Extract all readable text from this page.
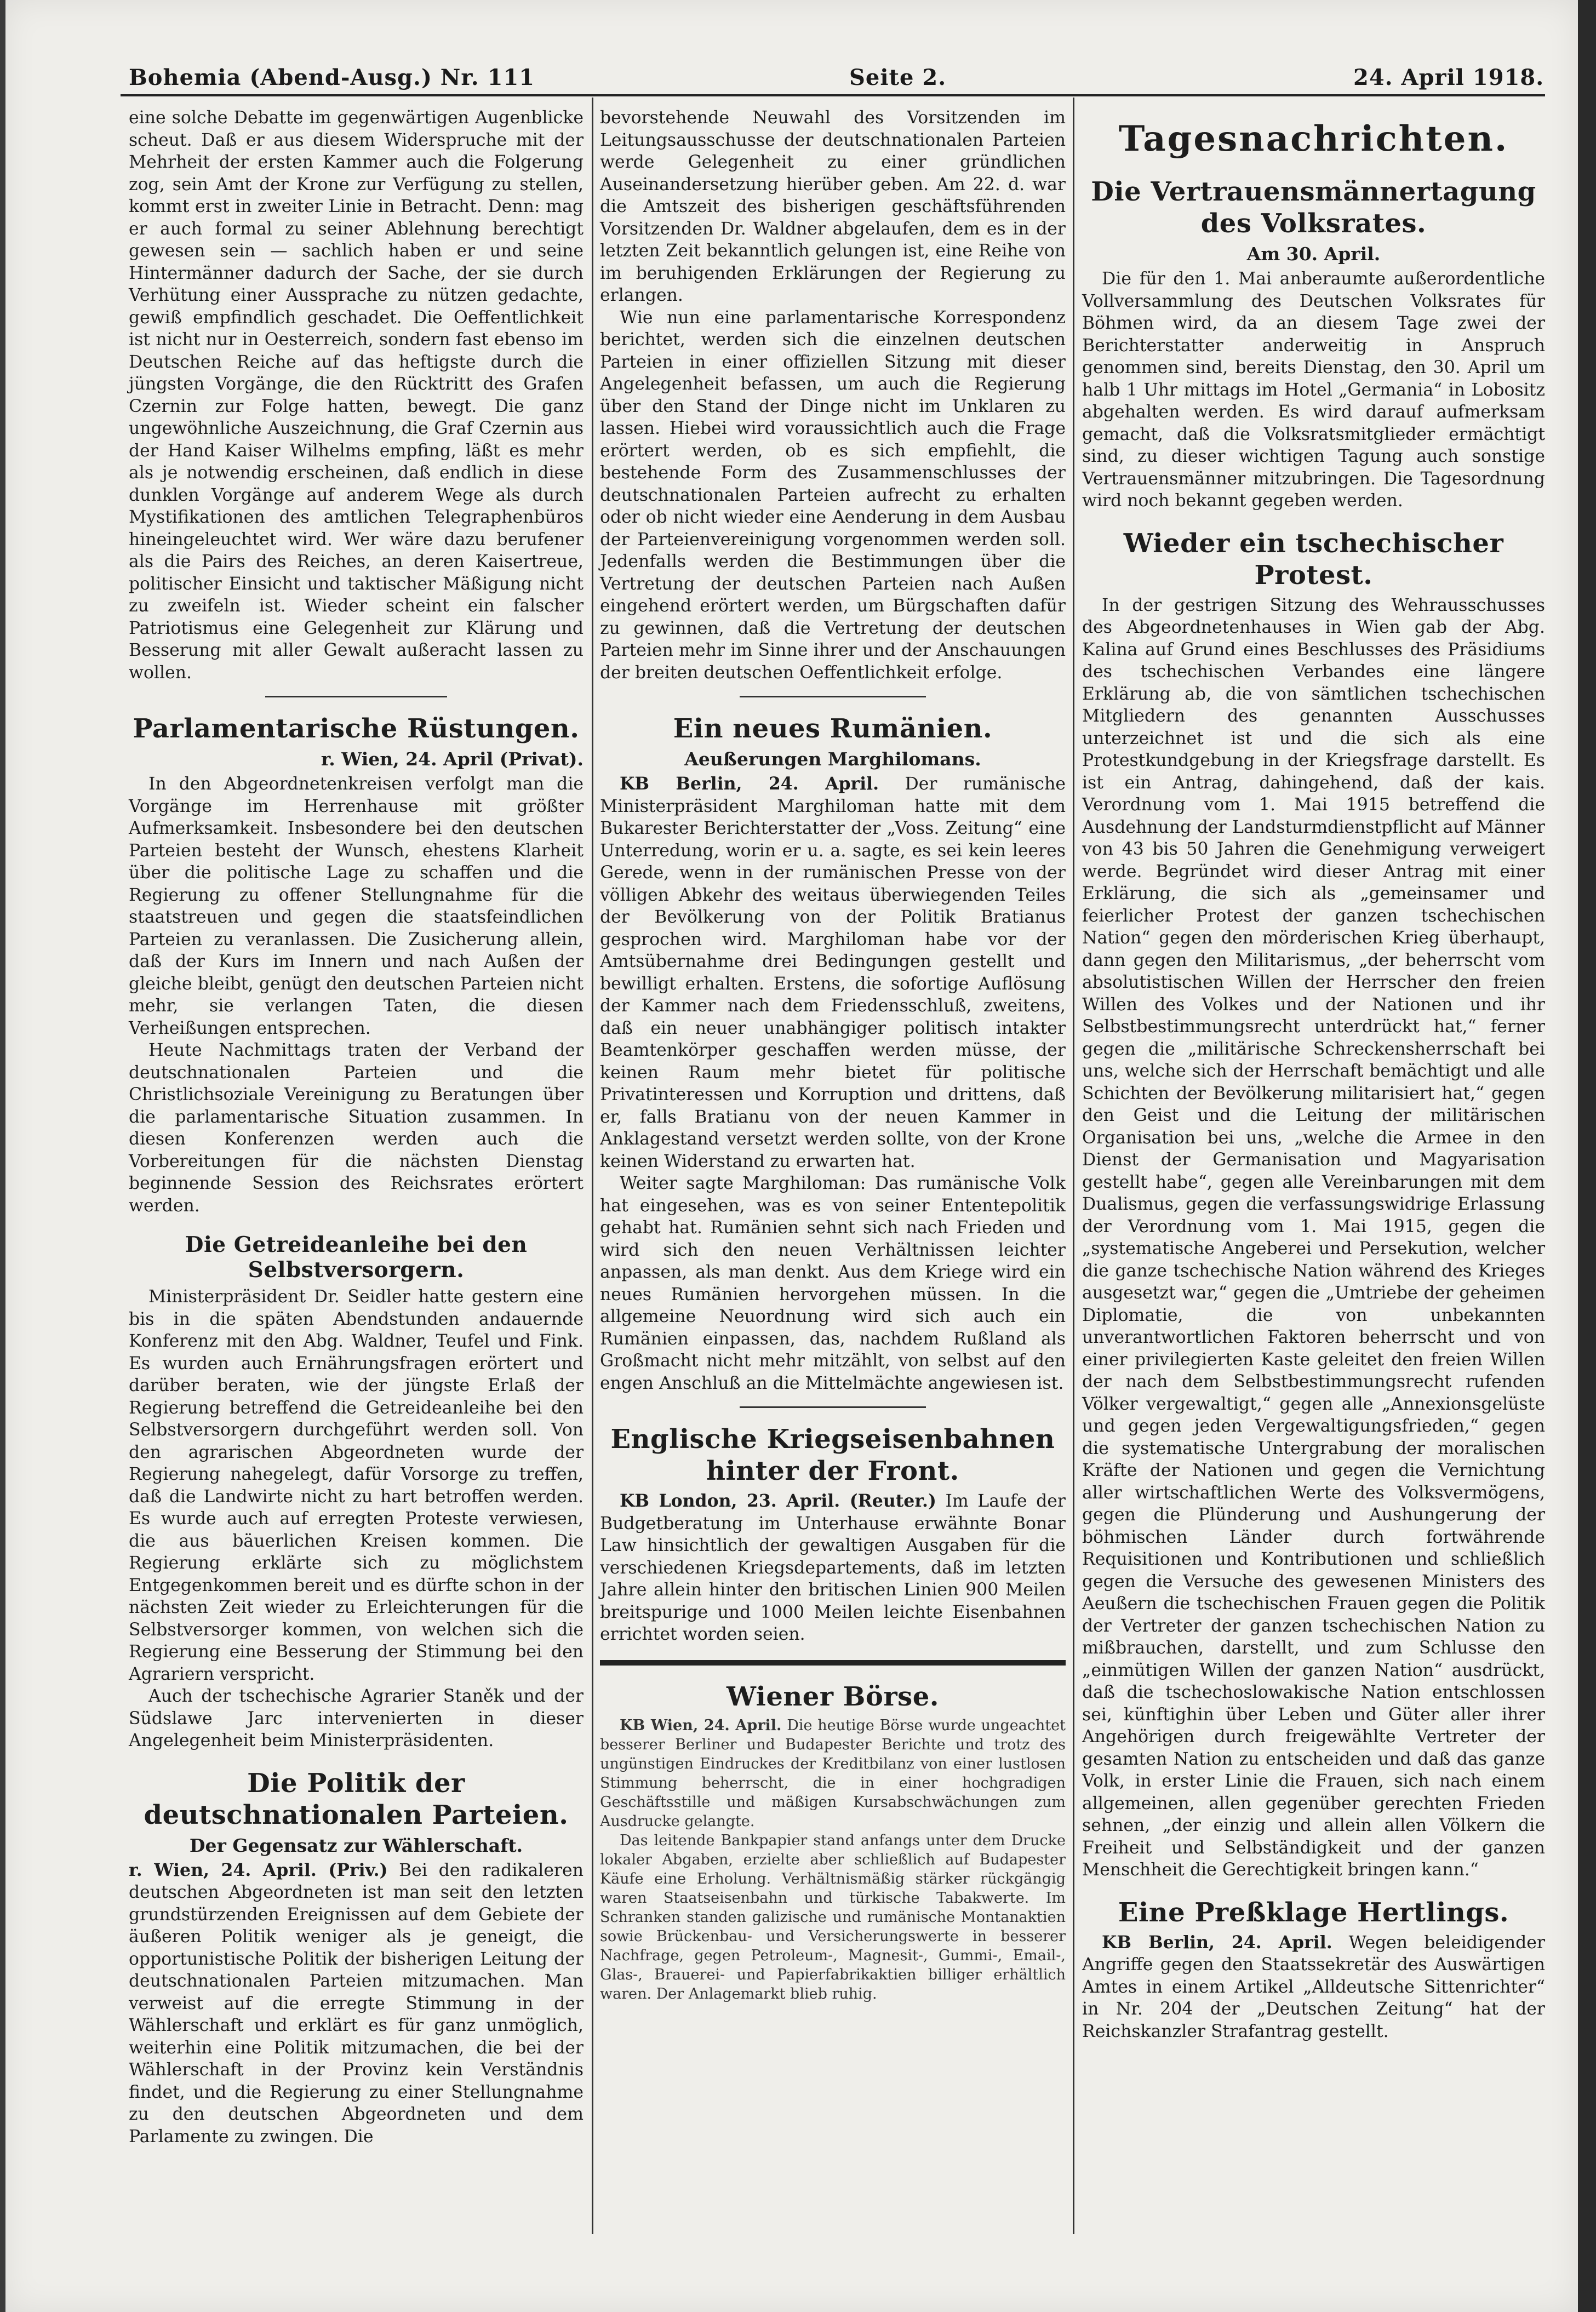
Bohemia (Abend-Ausg.) Nr. 111	Seite 2.	24. April 1918.

eine solche Debatte im gegenwärtigen Augenblicke scheut. Daß er aus diesem Widerspruche mit der Mehrheit der ersten Kammer auch die Folgerung zog, sein Amt der Krone zur Verfügung zu stellen, kommt erst in zweiter Linie in Betracht. Denn: mag er auch formal zu seiner Ablehnung berechtigt gewesen sein — sachlich haben er und seine Hintermänner dadurch der Sache, der sie durch Verhütung einer Aussprache zu nützen gedachte, gewiß empfindlich geschadet. Die Oeffentlichkeit ist nicht nur in Oesterreich, sondern fast ebenso im Deutschen Reiche auf das heftigste durch die jüngsten Vorgänge, die den Rücktritt des Grafen Czernin zur Folge hatten, bewegt. Die ganz ungewöhnliche Auszeichnung, die Graf Czernin aus der Hand Kaiser Wilhelms empfing, läßt es mehr als je notwendig erscheinen, daß endlich in diese dunklen Vorgänge auf anderem Wege als durch Mystifikationen des amtlichen Telegraphenbüros hineingeleuchtet wird. Wer wäre dazu berufener als die Pairs des Reiches, an deren Kaisertreue, politischer Einsicht und taktischer Mäßigung nicht zu zweifeln ist. Wieder scheint ein falscher Patriotismus eine Gelegenheit zur Klärung und Besserung mit aller Gewalt außeracht lassen zu wollen.

Parlamentarische Rüstungen.
r. Wien, 24. April (Privat).

In den Abgeordnetenkreisen verfolgt man die Vorgänge im Herrenhause mit größter Aufmerksamkeit. Insbesondere bei den deutschen Parteien besteht der Wunsch, ehestens Klarheit über die politische Lage zu schaffen und die Regierung zu offener Stellungnahme für die staatstreuen und gegen die staatsfeindlichen Parteien zu veranlassen. Die Zusicherung allein, daß der Kurs im Innern und nach Außen der gleiche bleibt, genügt den deutschen Parteien nicht mehr, sie verlangen Taten, die diesen Verheißungen entsprechen.

Heute Nachmittags traten der Verband der deutschnationalen Parteien und die Christlichsoziale Vereinigung zu Beratungen über die parlamentarische Situation zusammen. In diesen Konferenzen werden auch die Vorbereitungen für die nächsten Dienstag beginnende Session des Reichsrates erörtert werden.

Die Getreideanleihe bei den Selbstversorgern.

Ministerpräsident Dr. Seidler hatte gestern eine bis in die späten Abendstunden andauernde Konferenz mit den Abg. Waldner, Teufel und Fink. Es wurden auch Ernährungsfragen erörtert und darüber beraten, wie der jüngste Erlaß der Regierung betreffend die Getreideanleihe bei den Selbstversorgern durchgeführt werden soll. Von den agrarischen Abgeordneten wurde der Regierung nahegelegt, dafür Vorsorge zu treffen, daß die Landwirte nicht zu hart betroffen werden. Es wurde auch auf erregten Proteste verwiesen, die aus bäuerlichen Kreisen kommen. Die Regierung erklärte sich zu möglichstem Entgegenkommen bereit und es dürfte schon in der nächsten Zeit wieder zu Erleichterungen für die Selbstversorger kommen, von welchen sich die Regierung eine Besserung der Stimmung bei den Agrariern verspricht.

Auch der tschechische Agrarier Staněk und der Südslawe Jarc intervenierten in dieser Angelegenheit beim Ministerpräsidenten.

Die Politik der deutschnationalen Parteien.
Der Gegensatz zur Wählerschaft.

r. Wien, 24. April. (Priv.) Bei den radikaleren deutschen Abgeordneten ist man seit den letzten grundstürzenden Ereignissen auf dem Gebiete der äußeren Politik weniger als je geneigt, die opportunistische Politik der bisherigen Leitung der deutschnationalen Parteien mitzumachen. Man verweist auf die erregte Stimmung in der Wählerschaft und erklärt es für ganz unmöglich, weiterhin eine Politik mitzumachen, die bei der Wählerschaft in der Provinz kein Verständnis findet, und die Regierung zu einer Stellungnahme zu den deutschen Abgeordneten und dem Parlamente zu zwingen. Die

bevorstehende Neuwahl des Vorsitzenden im Leitungsausschusse der deutschnationalen Parteien werde Gelegenheit zu einer gründlichen Auseinandersetzung hierüber geben. Am 22. d. war die Amtszeit des bisherigen geschäftsführenden Vorsitzenden Dr. Waldner abgelaufen, dem es in der letzten Zeit bekanntlich gelungen ist, eine Reihe von im beruhigenden Erklärungen der Regierung zu erlangen.

Wie nun eine parlamentarische Korrespondenz berichtet, werden sich die einzelnen deutschen Parteien in einer offiziellen Sitzung mit dieser Angelegenheit befassen, um auch die Regierung über den Stand der Dinge nicht im Unklaren zu lassen. Hiebei wird voraussichtlich auch die Frage erörtert werden, ob es sich empfiehlt, die bestehende Form des Zusammenschlusses der deutschnationalen Parteien aufrecht zu erhalten oder ob nicht wieder eine Aenderung in dem Ausbau der Parteienvereinigung vorgenommen werden soll. Jedenfalls werden die Bestimmungen über die Vertretung der deutschen Parteien nach Außen eingehend erörtert werden, um Bürgschaften dafür zu gewinnen, daß die Vertretung der deutschen Parteien mehr im Sinne ihrer und der Anschauungen der breiten deutschen Oeffentlichkeit erfolge.

Ein neues Rumänien.
Aeußerungen Marghilomans.

KB Berlin, 24. April. Der rumänische Ministerpräsident Marghiloman hatte mit dem Bukarester Berichterstatter der „Voss. Zeitung“ eine Unterredung, worin er u. a. sagte, es sei kein leeres Gerede, wenn in der rumänischen Presse von der völligen Abkehr des weitaus überwiegenden Teiles der Bevölkerung von der Politik Bratianus gesprochen wird. Marghiloman habe vor der Amtsübernahme drei Bedingungen gestellt und bewilligt erhalten. Erstens, die sofortige Auflösung der Kammer nach dem Friedensschluß, zweitens, daß ein neuer unabhängiger politisch intakter Beamtenkörper geschaffen werden müsse, der keinen Raum mehr bietet für politische Privatinteressen und Korruption und drittens, daß er, falls Bratianu von der neuen Kammer in Anklagestand versetzt werden sollte, von der Krone keinen Widerstand zu erwarten hat.

Weiter sagte Marghiloman: Das rumänische Volk hat eingesehen, was es von seiner Ententepolitik gehabt hat. Rumänien sehnt sich nach Frieden und wird sich den neuen Verhältnissen leichter anpassen, als man denkt. Aus dem Kriege wird ein neues Rumänien hervorgehen müssen. In die allgemeine Neuordnung wird sich auch ein Rumänien einpassen, das, nachdem Rußland als Großmacht nicht mehr mitzählt, von selbst auf den engen Anschluß an die Mittelmächte angewiesen ist.

Englische Kriegseisenbahnen hinter der Front.

KB London, 23. April. (Reuter.) Im Laufe der Budgetberatung im Unterhause erwähnte Bonar Law hinsichtlich der gewaltigen Ausgaben für die verschiedenen Kriegsdepartements, daß im letzten Jahre allein hinter den britischen Linien 900 Meilen breitspurige und 1000 Meilen leichte Eisenbahnen errichtet worden seien.

Wiener Börse.

KB Wien, 24. April. Die heutige Börse wurde ungeachtet besserer Berliner und Budapester Berichte und trotz des ungünstigen Eindruckes der Kreditbilanz von einer lustlosen Stimmung beherrscht, die in einer hochgradigen Geschäftsstille und mäßigen Kursabschwächungen zum Ausdrucke gelangte.

Das leitende Bankpapier stand anfangs unter dem Drucke lokaler Abgaben, erzielte aber schließlich auf Budapester Käufe eine Erholung. Verhältnismäßig stärker rückgängig waren Staatseisenbahn und türkische Tabakwerte. Im Schranken standen galizische und rumänische Montanaktien sowie Brückenbau- und Versicherungswerte in besserer Nachfrage, gegen Petroleum-, Magnesit-, Gummi-, Email-, Glas-, Brauerei- und Papierfabrikaktien billiger erhältlich waren. Der Anlagemarkt blieb ruhig.

Tagesnachrichten.
Die Vertrauensmännertagung des Volksrates.
Am 30. April.

Die für den 1. Mai anberaumte außerordentliche Vollversammlung des Deutschen Volksrates für Böhmen wird, da an diesem Tage zwei der Berichterstatter anderweitig in Anspruch genommen sind, bereits Dienstag, den 30. April um halb 1 Uhr mittags im Hotel „Germania“ in Lobositz abgehalten werden. Es wird darauf aufmerksam gemacht, daß die Volksratsmitglieder ermächtigt sind, zu dieser wichtigen Tagung auch sonstige Vertrauensmänner mitzubringen. Die Tagesordnung wird noch bekannt gegeben werden.

Wieder ein tschechischer Protest.

In der gestrigen Sitzung des Wehrausschusses des Abgeordnetenhauses in Wien gab der Abg. Kalina auf Grund eines Beschlusses des Präsidiums des tschechischen Verbandes eine längere Erklärung ab, die von sämtlichen tschechischen Mitgliedern des genannten Ausschusses unterzeichnet ist und die sich als eine Protestkundgebung in der Kriegsfrage darstellt. Es ist ein Antrag, dahingehend, daß der kais. Verordnung vom 1. Mai 1915 betreffend die Ausdehnung der Landsturmdienstpflicht auf Männer von 43 bis 50 Jahren die Genehmigung verweigert werde. Begründet wird dieser Antrag mit einer Erklärung, die sich als „gemeinsamer und feierlicher Protest der ganzen tschechischen Nation“ gegen den mörderischen Krieg überhaupt, dann gegen den Militarismus, „der beherrscht vom absolutistischen Willen der Herrscher den freien Willen des Volkes und der Nationen und ihr Selbstbestimmungsrecht unterdrückt hat,“ ferner gegen die „militärische Schreckensherrschaft bei uns, welche sich der Herrschaft bemächtigt und alle Schichten der Bevölkerung militarisiert hat,“ gegen den Geist und die Leitung der militärischen Organisation bei uns, „welche die Armee in den Dienst der Germanisation und Magyarisation gestellt habe“, gegen alle Vereinbarungen mit dem Dualismus, gegen die verfassungswidrige Erlassung der Verordnung vom 1. Mai 1915, gegen die „systematische Angeberei und Persekution, welcher die ganze tschechische Nation während des Krieges ausgesetzt war,“ gegen die „Umtriebe der geheimen Diplomatie, die von unbekannten unverantwortlichen Faktoren beherrscht und von einer privilegierten Kaste geleitet den freien Willen der nach dem Selbstbestimmungsrecht rufenden Völker vergewaltigt,“ gegen alle „Annexionsgelüste und gegen jeden Vergewaltigungsfrieden,“ gegen die systematische Untergrabung der moralischen Kräfte der Nationen und gegen die Vernichtung aller wirtschaftlichen Werte des Volksvermögens, gegen die Plünderung und Aushungerung der böhmischen Länder durch fortwährende Requisitionen und Kontributionen und schließlich gegen die Versuche des gewesenen Ministers des Aeußern die tschechischen Frauen gegen die Politik der Vertreter der ganzen tschechischen Nation zu mißbrauchen, darstellt, und zum Schlusse den „einmütigen Willen der ganzen Nation“ ausdrückt, daß die tschechoslowakische Nation entschlossen sei, künftighin über Leben und Güter aller ihrer Angehörigen durch freigewählte Vertreter der gesamten Nation zu entscheiden und daß das ganze Volk, in erster Linie die Frauen, sich nach einem allgemeinen, allen gegenüber gerechten Frieden sehnen, „der einzig und allein allen Völkern die Freiheit und Selbständigkeit und der ganzen Menschheit die Gerechtigkeit bringen kann.“

Eine Preßklage Hertlings.

KB Berlin, 24. April. Wegen beleidigender Angriffe gegen den Staatssekretär des Auswärtigen Amtes in einem Artikel „Alldeutsche Sittenrichter“ in Nr. 204 der „Deutschen Zeitung“ hat der Reichskanzler Strafantrag gestellt.
